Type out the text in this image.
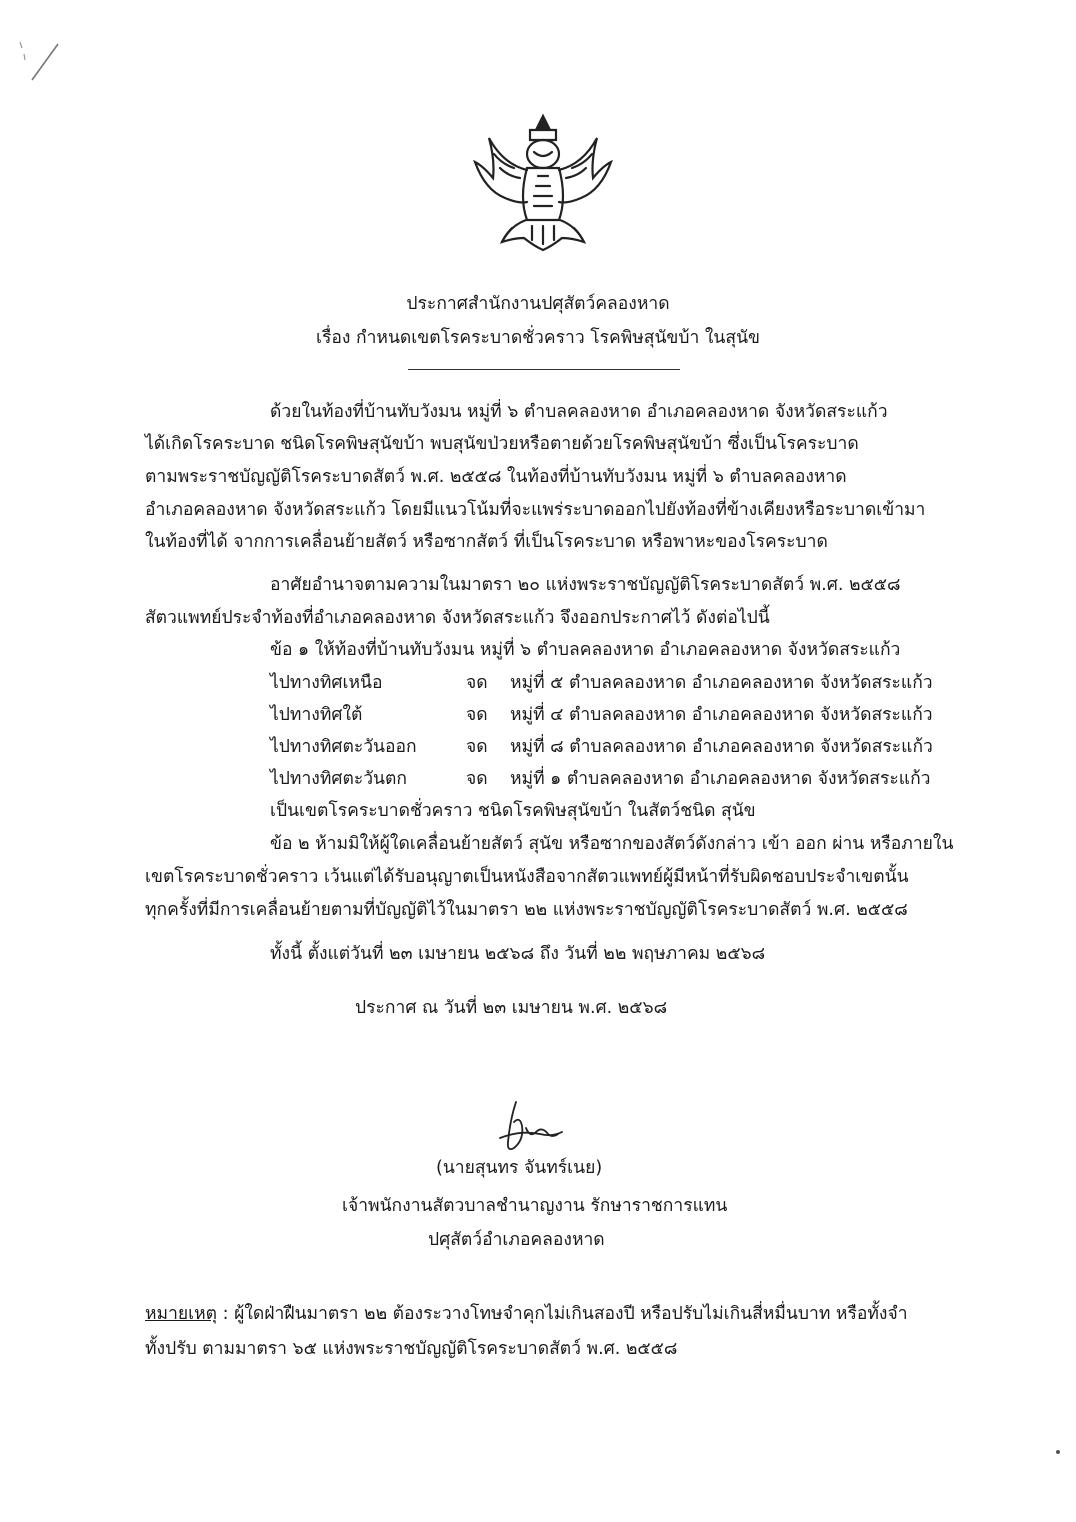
ประกาศสำนักงานปศุสัตว์คลองหาด
เรื่อง กำหนดเขตโรคระบาดชั่วคราว โรคพิษสุนัขบ้า ในสุนัข
ด้วยในท้องที่บ้านทับวังมน หมู่ที่ ๖ ตำบลคลองหาด อำเภอคลองหาด จังหวัดสระแก้ว
ได้เกิดโรคระบาด ชนิดโรคพิษสุนัขบ้า พบสุนัขป่วยหรือตายด้วยโรคพิษสุนัขบ้า ซึ่งเป็นโรคระบาด
ตามพระราชบัญญัติโรคระบาดสัตว์ พ.ศ. ๒๕๕๘ ในท้องที่บ้านทับวังมน หมู่ที่ ๖ ตำบลคลองหาด
อำเภอคลองหาด จังหวัดสระแก้ว โดยมีแนวโน้มที่จะแพร่ระบาดออกไปยังท้องที่ข้างเคียงหรือระบาดเข้ามา
ในท้องที่ได้ จากการเคลื่อนย้ายสัตว์ หรือซากสัตว์ ที่เป็นโรคระบาด หรือพาหะของโรคระบาด
อาศัยอำนาจตามความในมาตรา ๒๐ แห่งพระราชบัญญัติโรคระบาดสัตว์ พ.ศ. ๒๕๕๘
สัตวแพทย์ประจำท้องที่อำเภอคลองหาด จังหวัดสระแก้ว จึงออกประกาศไว้ ดังต่อไปนี้
ข้อ ๑ ให้ท้องที่บ้านทับวังมน หมู่ที่ ๖ ตำบลคลองหาด อำเภอคลองหาด จังหวัดสระแก้ว
ไปทางทิศเหนือ	จด หมู่ที่ ๕ ตำบลคลองหาด อำเภอคลองหาด จังหวัดสระแก้ว
ไปทางทิศใต้	จด หมู่ที่ ๔ ตำบลคลองหาด อำเภอคลองหาด จังหวัดสระแก้ว
ไปทางทิศตะวันออก	จด หมู่ที่ ๘ ตำบลคลองหาด อำเภอคลองหาด จังหวัดสระแก้ว
ไปทางทิศตะวันตก	จด หมู่ที่ ๑ ตำบลคลองหาด อำเภอคลองหาด จังหวัดสระแก้ว
เป็นเขตโรคระบาดชั่วคราว ชนิดโรคพิษสุนัขบ้า ในสัตว์ชนิด สุนัข
ข้อ ๒ ห้ามมิให้ผู้ใดเคลื่อนย้ายสัตว์ สุนัข หรือซากของสัตว์ดังกล่าว เข้า ออก ผ่าน หรือภายใน
เขตโรคระบาดชั่วคราว เว้นแต่ได้รับอนุญาตเป็นหนังสือจากสัตวแพทย์ผู้มีหน้าที่รับผิดชอบประจำเขตนั้น
ทุกครั้งที่มีการเคลื่อนย้ายตามที่บัญญัติไว้ในมาตรา ๒๒ แห่งพระราชบัญญัติโรคระบาดสัตว์ พ.ศ. ๒๕๕๘
ทั้งนี้ ตั้งแต่วันที่ ๒๓ เมษายน ๒๕๖๘ ถึง วันที่ ๒๒ พฤษภาคม ๒๕๖๘
ประกาศ ณ วันที่ ๒๓ เมษายน พ.ศ. ๒๕๖๘
(นายสุนทร จันทร์เนย)
เจ้าพนักงานสัตวบาลชำนาญงาน รักษาราชการแทน
ปศุสัตว์อำเภอคลองหาด
หมายเหตุ : ผู้ใดฝ่าฝืนมาตรา ๒๒ ต้องระวางโทษจำคุกไม่เกินสองปี หรือปรับไม่เกินสี่หมื่นบาท หรือทั้งจำ
ทั้งปรับ ตามมาตรา ๖๕ แห่งพระราชบัญญัติโรคระบาดสัตว์ พ.ศ. ๒๕๕๘
